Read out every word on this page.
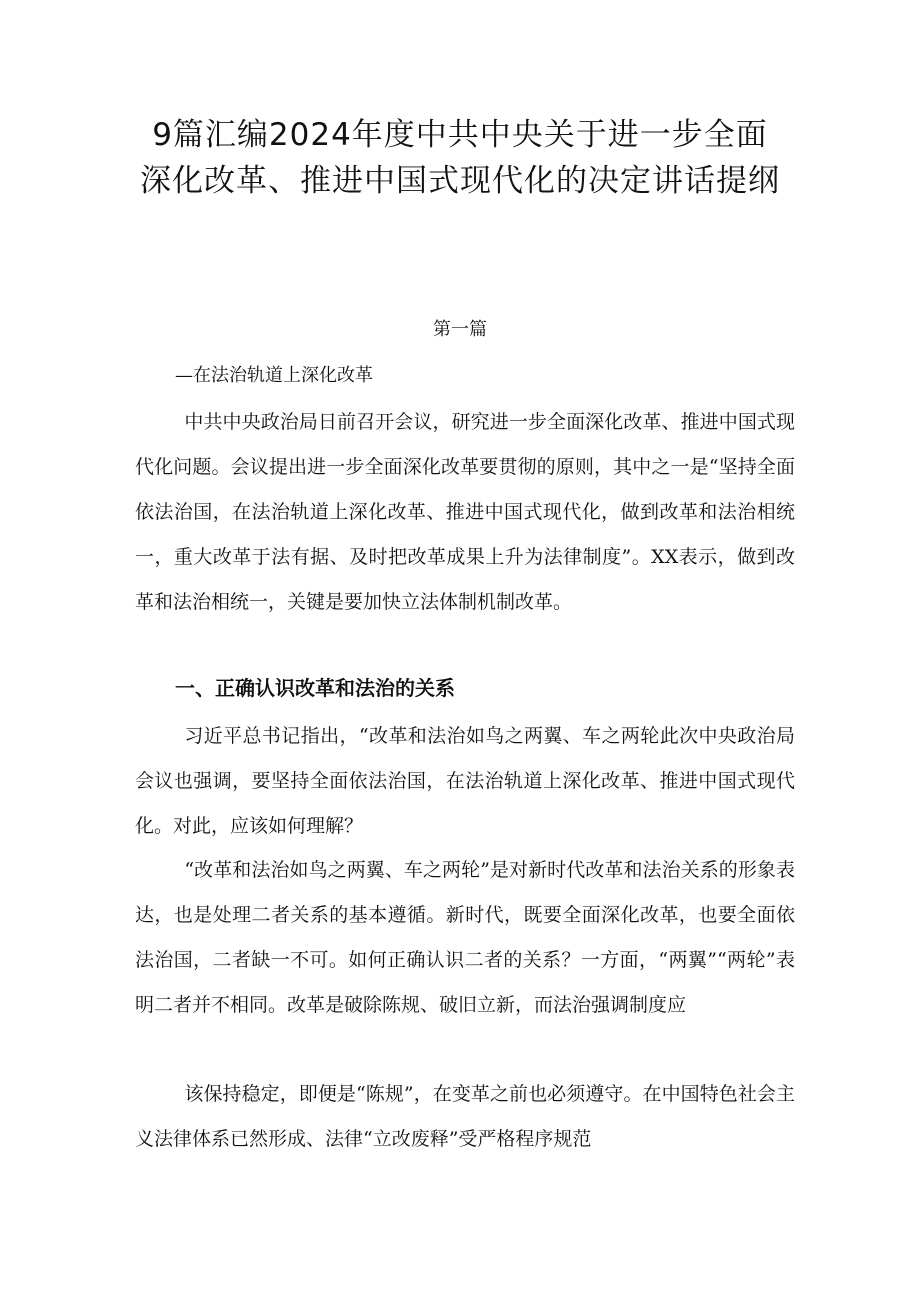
9篇汇编2024年度中共中央关于进一步全面深化改革、推进中国式现代化的决定讲话提纲
第一篇
—在法治轨道上深化改革

中共中央政治局日前召开会议，研究进一步全面深化改革、推进中国式现代化问题。会议提出进一步全面深化改革要贯彻的原则，其中之一是“坚持全面依法治国，在法治轨道上深化改革、推进中国式现代化，做到改革和法治相统一，重大改革于法有据、及时把改革成果上升为法律制度”。XX表示，做到改革和法治相统一，关键是要加快立法体制机制改革。

一、正确认识改革和法治的关系

习近平总书记指出，“改革和法治如鸟之两翼、车之两轮此次中央政治局会议也强调，要坚持全面依法治国，在法治轨道上深化改革、推进中国式现代化。对此，应该如何理解？

“改革和法治如鸟之两翼、车之两轮”是对新时代改革和法治关系的形象表达，也是处理二者关系的基本遵循。新时代，既要全面深化改革，也要全面依法治国，二者缺一不可。如何正确认识二者的关系？一方面，“两翼”“两轮”表明二者并不相同。改革是破除陈规、破旧立新，而法治强调制度应

该保持稳定，即便是“陈规”，在变革之前也必须遵守。在中国特色社会主义法律体系已然形成、法律“立改废释”受严格程序规范
